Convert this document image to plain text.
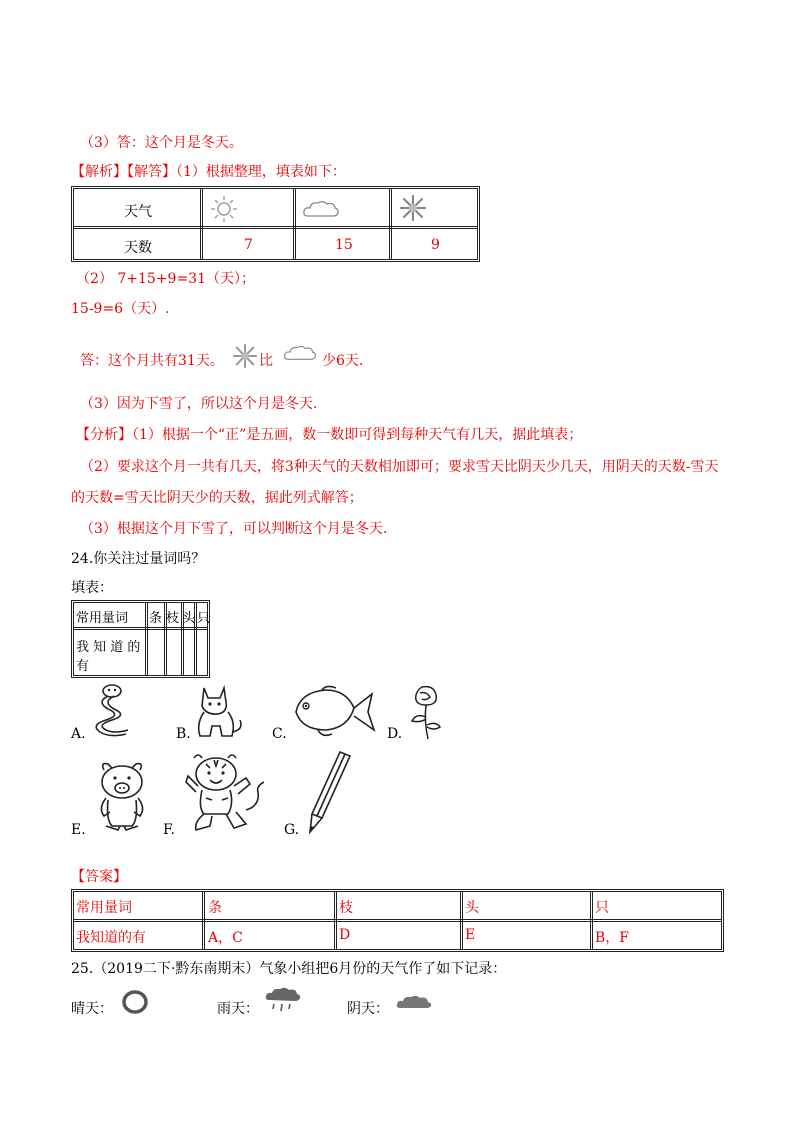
（3）答：这个月是冬天。
【解析】【解答】（1）根据整理，填表如下：
天气
天数	7	15	9
（2） 7+15+9=31（天）；
15-9=6（天）.
答：这个月共有31天。	比	少6天.
（3）因为下雪了，所以这个月是冬天.
【分析】（1）根据一个“正”是五画，数一数即可得到每种天气有几天，据此填表；
（2）要求这个月一共有几天，将3种天气的天数相加即可；要求雪天比阴天少几天，用阴天的天数-雪天
的天数=雪天比阴天少的天数，据此列式解答；
（3）根据这个月下雪了，可以判断这个月是冬天.
24.你关注过量词吗？
填表：
常用量词 条 枝 头 只
我 知 道 的
有
A.	B.	C.	D.
E.	F.	G.
【答案】
常用量词	条	枝	头	只
我知道的有	A，C	D	E	B，F
25.（2019二下·黔东南期末）气象小组把6月份的天气作了如下记录：
晴天：	雨天：	阴天：
